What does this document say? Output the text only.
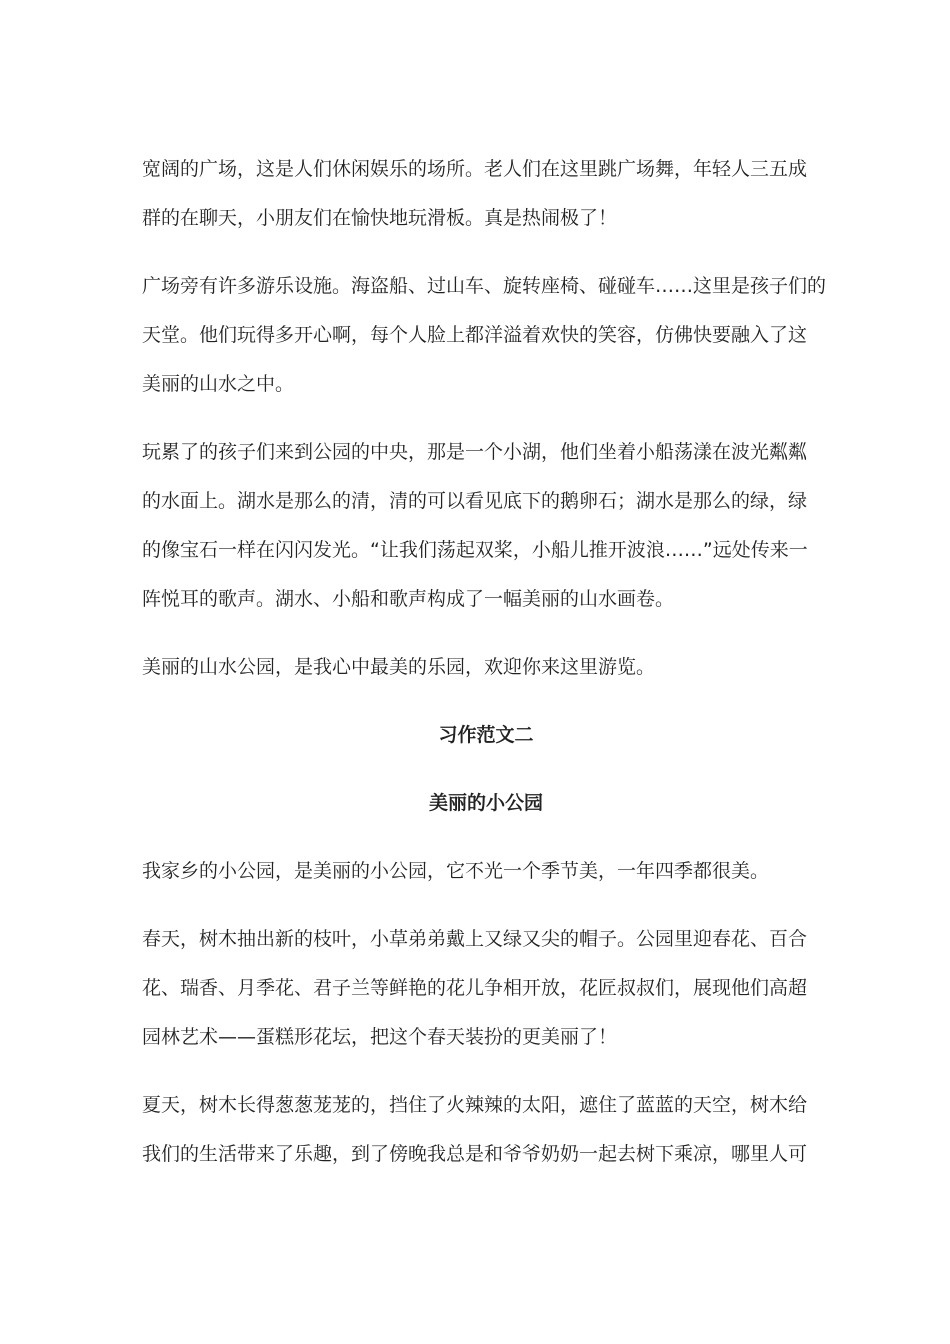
宽阔的广场，这是人们休闲娱乐的场所。老人们在这里跳广场舞，年轻人三五成
群的在聊天，小朋友们在愉快地玩滑板。真是热闹极了！

广场旁有许多游乐设施。海盗船、过山车、旋转座椅、碰碰车……这里是孩子们的
天堂。他们玩得多开心啊，每个人脸上都洋溢着欢快的笑容，仿佛快要融入了这
美丽的山水之中。

玩累了的孩子们来到公园的中央，那是一个小湖，他们坐着小船荡漾在波光粼粼
的水面上。湖水是那么的清，清的可以看见底下的鹅卵石；湖水是那么的绿，绿
的像宝石一样在闪闪发光。“让我们荡起双桨，小船儿推开波浪……”远处传来一
阵悦耳的歌声。湖水、小船和歌声构成了一幅美丽的山水画卷。

美丽的山水公园，是我心中最美的乐园，欢迎你来这里游览。

习作范文二

美丽的小公园

我家乡的小公园，是美丽的小公园，它不光一个季节美，一年四季都很美。

春天，树木抽出新的枝叶，小草弟弟戴上又绿又尖的帽子。公园里迎春花、百合
花、瑞香、月季花、君子兰等鲜艳的花儿争相开放，花匠叔叔们，展现他们高超
园林艺术——蛋糕形花坛，把这个春天装扮的更美丽了！

夏天，树木长得葱葱茏茏的，挡住了火辣辣的太阳，遮住了蓝蓝的天空，树木给
我们的生活带来了乐趣，到了傍晚我总是和爷爷奶奶一起去树下乘凉，哪里人可
